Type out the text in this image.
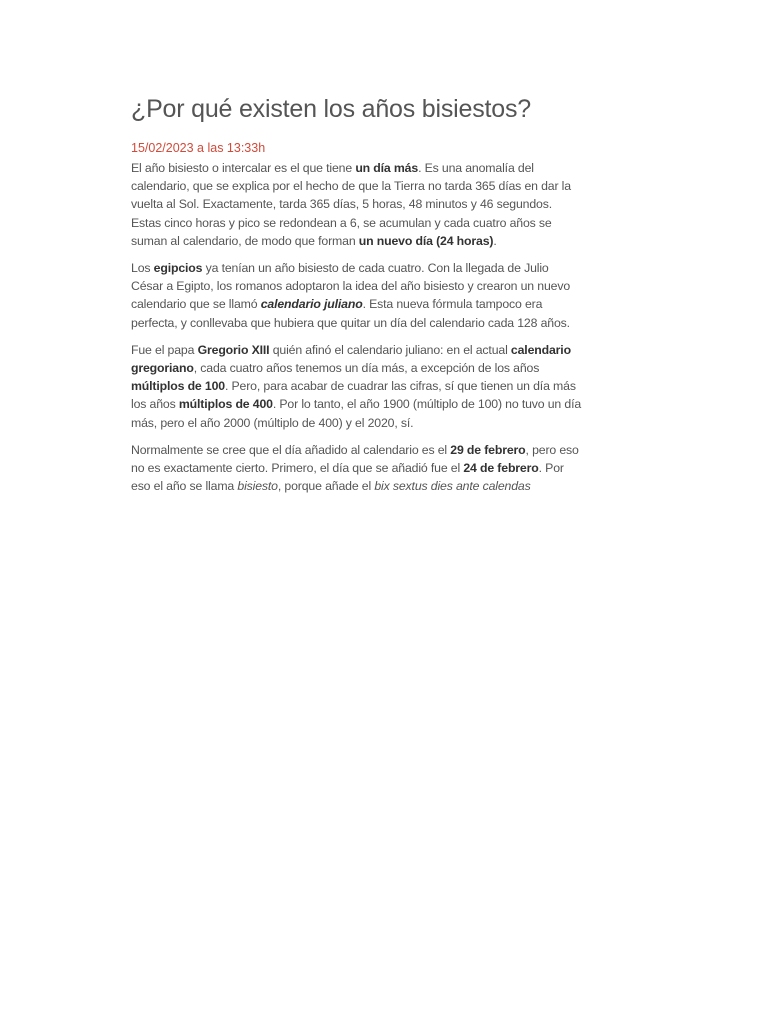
¿Por qué existen los años bisiestos?
15/02/2023 a las 13:33h

El año bisiesto o intercalar es el que tiene un día más. Es una anomalía del calendario, que se explica por el hecho de que la Tierra no tarda 365 días en dar la vuelta al Sol. Exactamente, tarda 365 días, 5 horas, 48 minutos y 46 segundos. Estas cinco horas y pico se redondean a 6, se acumulan y cada cuatro años se suman al calendario, de modo que forman un nuevo día (24 horas).

Los egipcios ya tenían un año bisiesto de cada cuatro. Con la llegada de Julio César a Egipto, los romanos adoptaron la idea del año bisiesto y crearon un nuevo calendario que se llamó calendario juliano. Esta nueva fórmula tampoco era perfecta, y conllevaba que hubiera que quitar un día del calendario cada 128 años.

Fue el papa Gregorio XIII quién afinó el calendario juliano: en el actual calendario gregoriano, cada cuatro años tenemos un día más, a excepción de los años múltiplos de 100. Pero, para acabar de cuadrar las cifras, sí que tienen un día más los años múltiplos de 400. Por lo tanto, el año 1900 (múltiplo de 100) no tuvo un día más, pero el año 2000 (múltiplo de 400) y el 2020, sí.

Normalmente se cree que el día añadido al calendario es el 29 de febrero, pero eso no es exactamente cierto. Primero, el día que se añadió fue el 24 de febrero. Por eso el año se llama bisiesto, porque añade el bix sextus dies ante calendas
